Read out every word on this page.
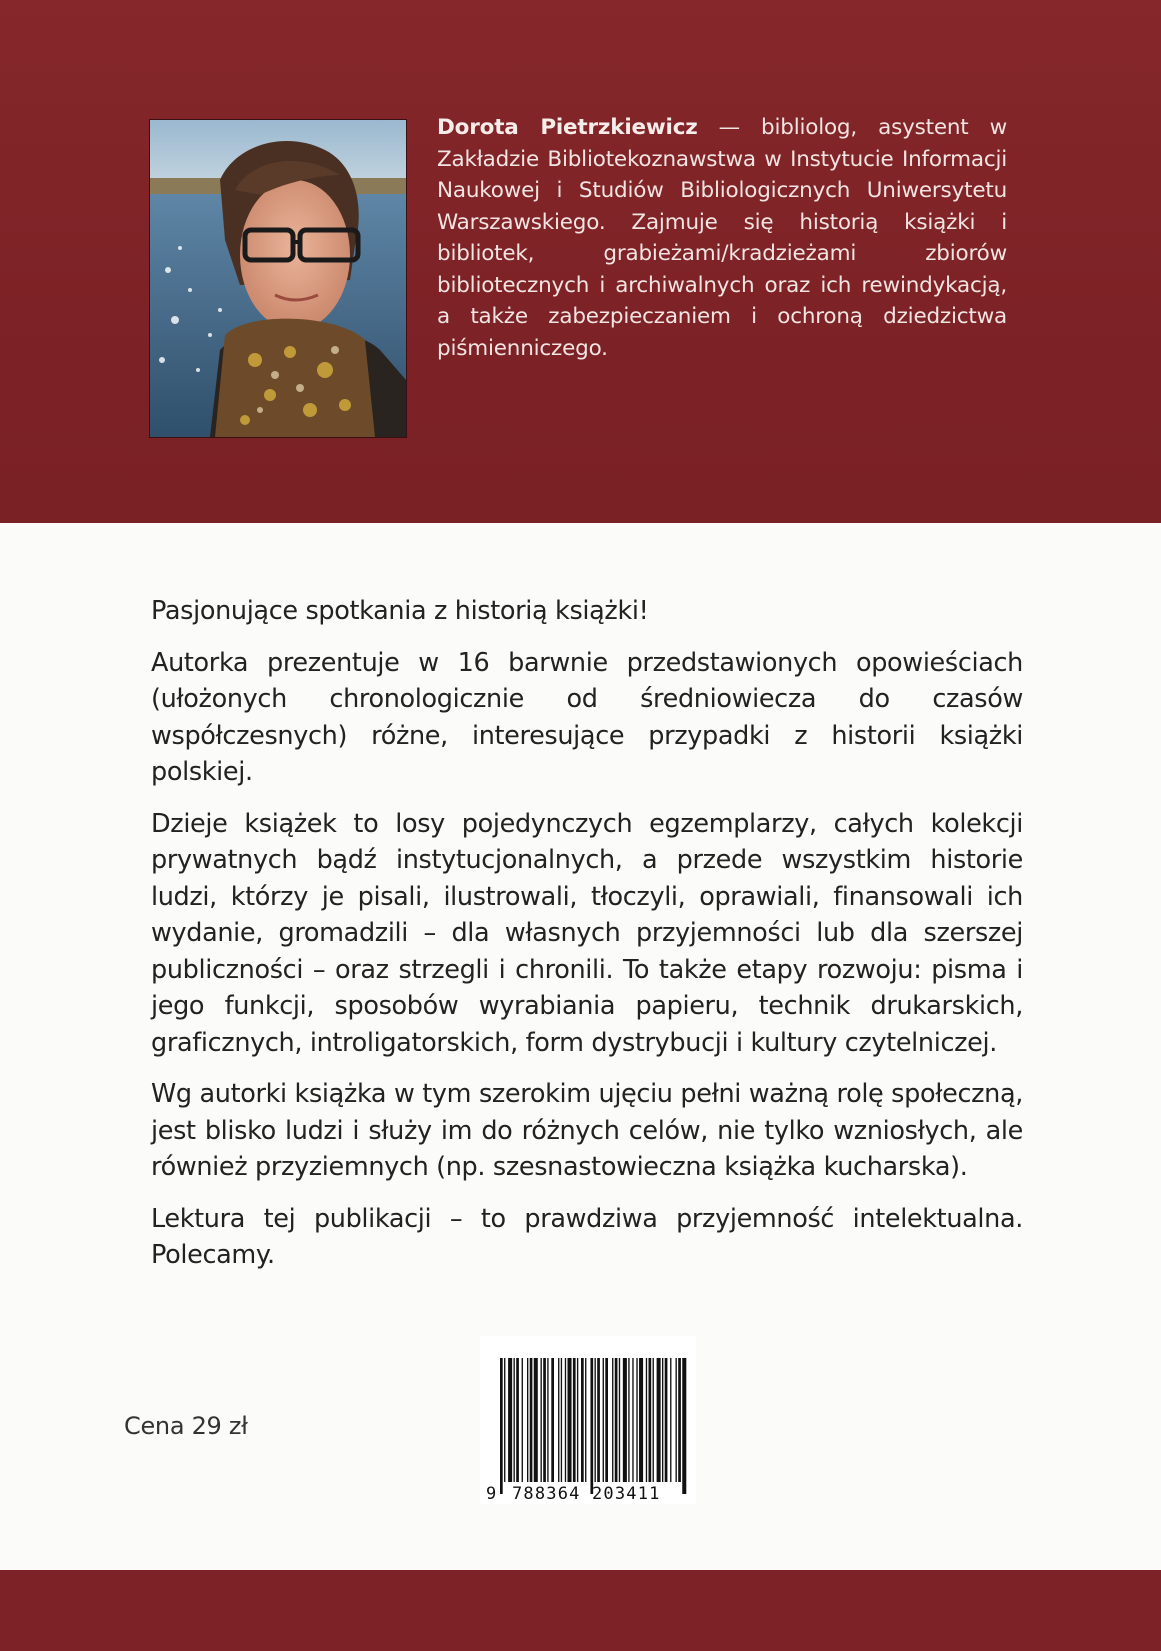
Dorota Pietrzkiewicz — bibliolog, asystent w Zakładzie Bibliotekoznawstwa w Instytucie Informacji Naukowej i Studiów Bibliologicznych Uniwersytetu Warszawskiego. Zajmuje się historią książki i bibliotek, grabieżami/kradzieżami zbiorów bibliotecznych i archiwalnych oraz ich rewindykacją, a także zabezpieczaniem i ochroną dziedzictwa piśmienniczego.

Pasjonujące spotkania z historią książki!

Autorka prezentuje w 16 barwnie przedstawionych opowieściach (ułożonych chronologicznie od średniowiecza do czasów współczesnych) różne, interesujące przypadki z historii książki polskiej.

Dzieje książek to losy pojedynczych egzemplarzy, całych kolekcji prywatnych bądź instytucjonalnych, a przede wszystkim historie ludzi, którzy je pisali, ilustrowali, tłoczyli, oprawiali, finansowali ich wydanie, gromadzili – dla własnych przyjemności lub dla szerszej publiczności – oraz strzegli i chronili. To także etapy rozwoju: pisma i jego funkcji, sposobów wyrabiania papieru, technik drukarskich, graficznych, introligatorskich, form dystrybucji i kultury czytelniczej.

Wg autorki książka w tym szerokim ujęciu pełni ważną rolę społeczną, jest blisko ludzi i służy im do różnych celów, nie tylko wzniosłych, ale również przyziemnych (np. szesnastowieczna książka kucharska).

Lektura tej publikacji – to prawdziwa przyjemność intelektualna. Polecamy.

Cena 29 zł
9 788364 203411
